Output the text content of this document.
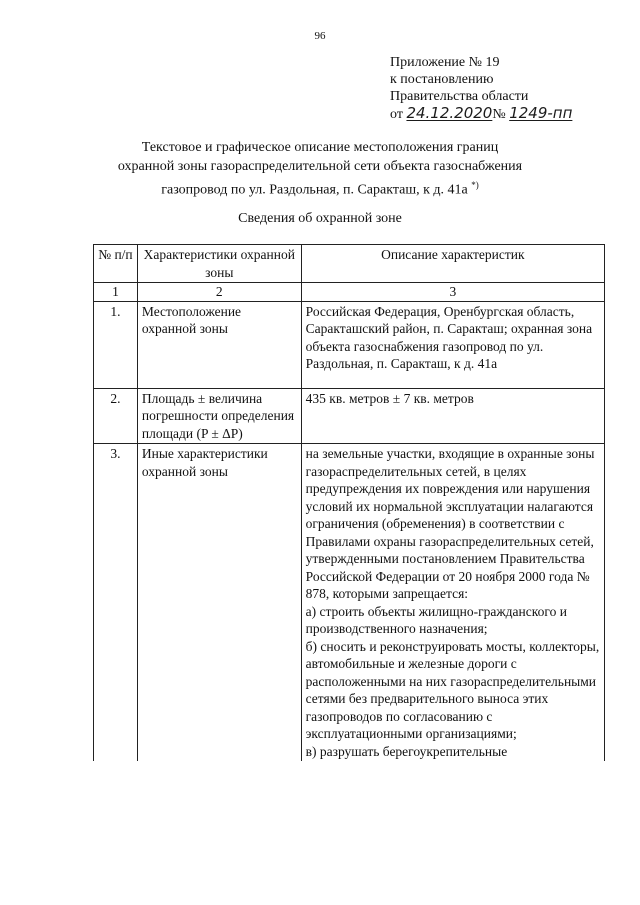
96
Приложение № 19
к постановлению
Правительства области
от 24.12.2020№ 1249-пп
Текстовое и графическое описание местоположения границ
охранной зоны газораспределительной сети объекта газоснабжения
газопровод по ул. Раздольная, п. Саракташ, к д. 41а *)
Сведения об охранной зоне
№ п/п	Характеристики охранной зоны	Описание характеристик
1	2	3
1.	Местоположение охранной зоны	Российская Федерация, Оренбургская область, Саракташский район, п. Саракташ; охранная зона объекта газоснабжения газопровод по ул. Раздольная, п. Саракташ, к д. 41а
2.	Площадь ± величина погрешности определения площади (P ± ΔP)	435 кв. метров ± 7 кв. метров
3.	Иные характеристики охранной зоны	на земельные участки, входящие в охранные зоны газораспределительных сетей, в целях предупреждения их повреждения или нарушения условий их нормальной эксплуатации налагаются ограничения (обременения) в соответствии с Правилами охраны газораспределительных сетей, утвержденными постановлением Правительства Российской Федерации от 20 ноября 2000 года № 878, которыми запрещается:
а) строить объекты жилищно-гражданского и производственного назначения;
б) сносить и реконструировать мосты, коллекторы, автомобильные и железные дороги с расположенными на них газораспределительными сетями без предварительного выноса этих газопроводов по согласованию с эксплуатационными организациями;
в) разрушать берегоукрепительные
